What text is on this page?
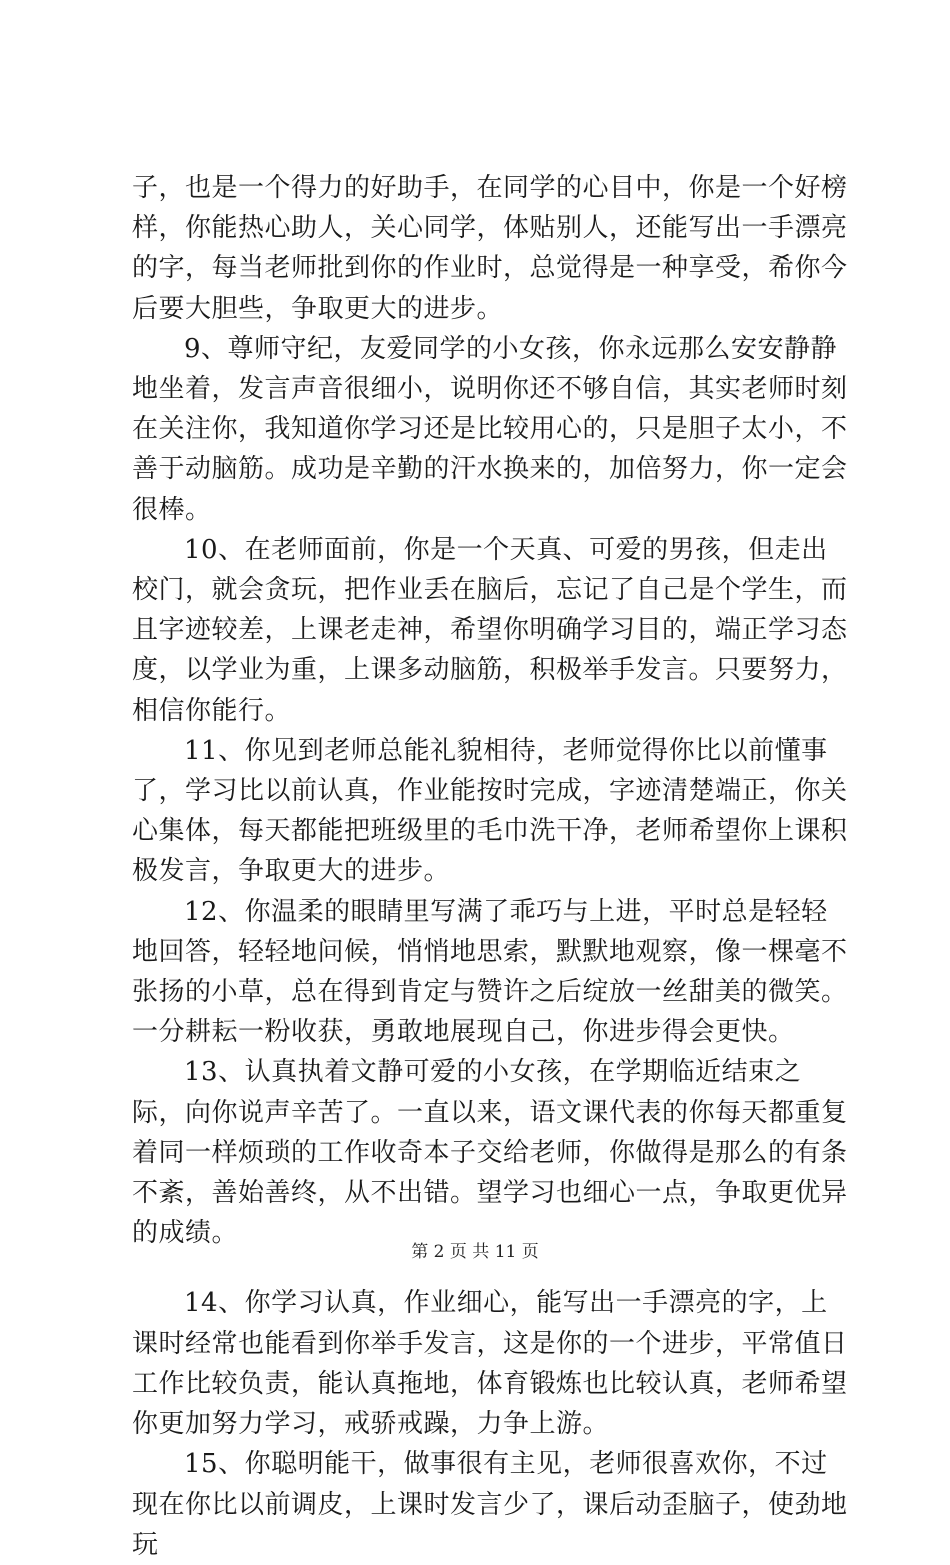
子，也是一个得力的好助手，在同学的心目中，你是一个好榜样，你能热心助人，关心同学，体贴别人，还能写出一手漂亮的字，每当老师批到你的作业时，总觉得是一种享受，希你今后要大胆些，争取更大的进步。

9、尊师守纪，友爱同学的小女孩，你永远那么安安静静地坐着，发言声音很细小，说明你还不够自信，其实老师时刻在关注你，我知道你学习还是比较用心的，只是胆子太小，不善于动脑筋。成功是辛勤的汗水换来的，加倍努力，你一定会很棒。

10、在老师面前，你是一个天真、可爱的男孩，但走出校门，就会贪玩，把作业丢在脑后，忘记了自己是个学生，而且字迹较差，上课老走神，希望你明确学习目的，端正学习态度，以学业为重，上课多动脑筋，积极举手发言。只要努力，相信你能行。

11、你见到老师总能礼貌相待，老师觉得你比以前懂事了，学习比以前认真，作业能按时完成，字迹清楚端正，你关心集体，每天都能把班级里的毛巾洗干净，老师希望你上课积极发言，争取更大的进步。

12、你温柔的眼睛里写满了乖巧与上进，平时总是轻轻地回答，轻轻地问候，悄悄地思索，默默地观察，像一棵毫不张扬的小草，总在得到肯定与赞许之后绽放一丝甜美的微笑。一分耕耘一粉收获，勇敢地展现自己，你进步得会更快。

13、认真执着文静可爱的小女孩，在学期临近结束之际，向你说声辛苦了。一直以来，语文课代表的你每天都重复着同一样烦琐的工作收奇本子交给老师，你做得是那么的有条不紊，善始善终，从不出错。望学习也细心一点，争取更优异的成绩。

14、你学习认真，作业细心，能写出一手漂亮的字，上课时经常也能看到你举手发言，这是你的一个进步，平常值日工作比较负责，能认真拖地，体育锻炼也比较认真，老师希望你更加努力学习，戒骄戒躁，力争上游。

15、你聪明能干，做事很有主见，老师很喜欢你，不过现在你比以前调皮，上课时发言少了，课后动歪脑子，使劲地玩

第 2 页 共 11 页
